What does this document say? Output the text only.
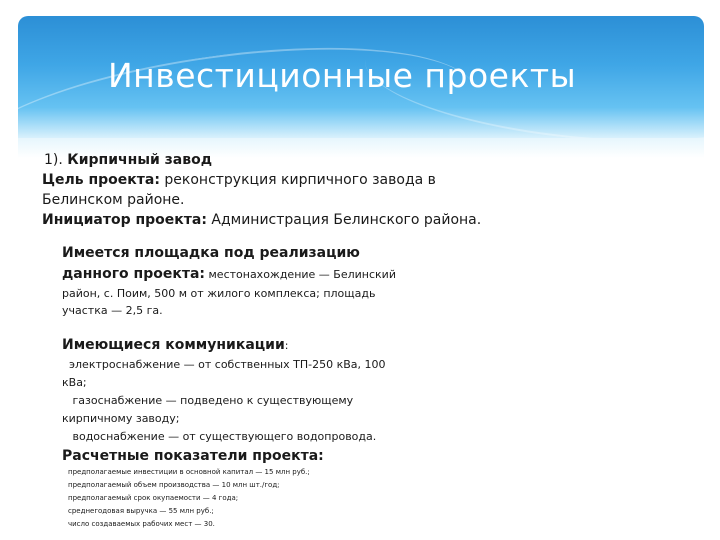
Инвестиционные проекты
1). Кирпичный завод
Цель проекта: реконструкция кирпичного завода в
Белинском районе.
Инициатор проекта: Администрация Белинского района.
Имеется площадка под реализацию
данного проекта: местонахождение — Белинский
район, с. Поим, 500 м от жилого комплекса; площадь
участка — 2,5 га.
Имеющиеся коммуникации:
электроснабжение — от собственных ТП-250 кВа, 100
кВа;
газоснабжение — подведено к существующему
кирпичному заводу;
водоснабжение — от существующего водопровода.
Расчетные показатели проекта:
предполагаемые инвестиции в основной капитал — 15 млн руб.;
предполагаемый объем производства — 10 млн шт./год;
предполагаемый срок окупаемости — 4 года;
среднегодовая выручка — 55 млн руб.;
число создаваемых рабочих мест — 30.
